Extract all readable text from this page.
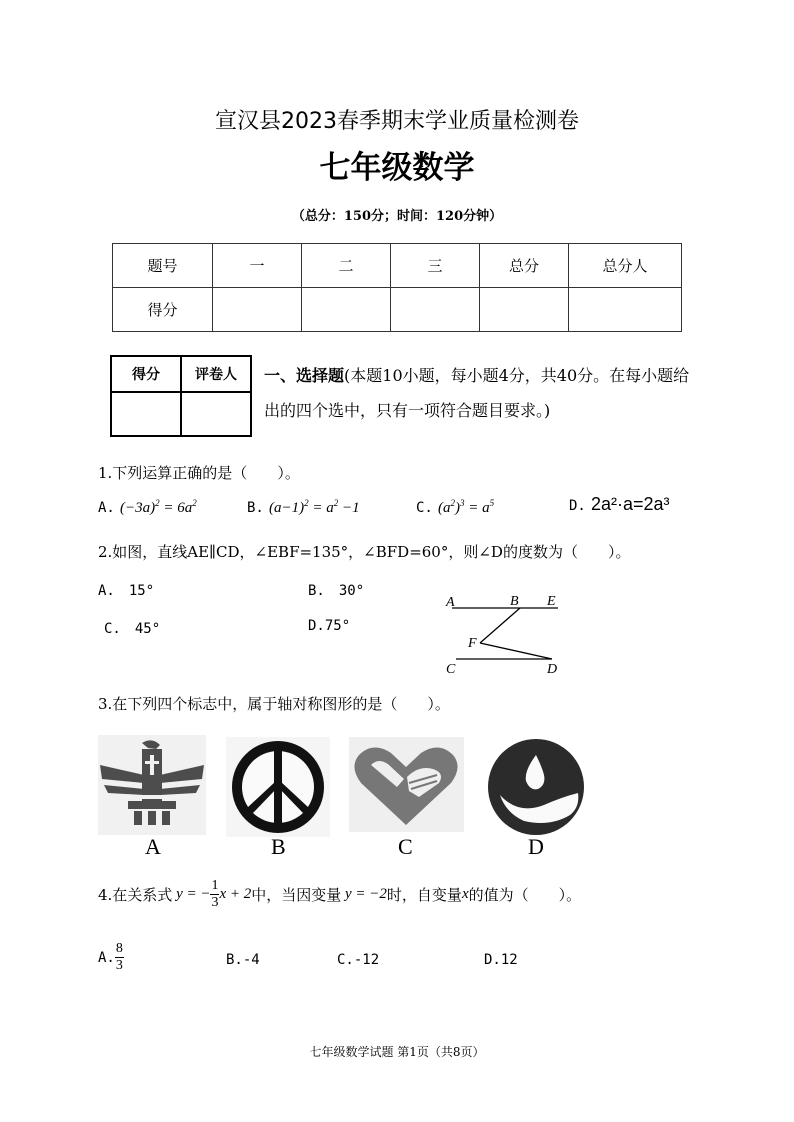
宣汉县2023春季期末学业质量检测卷
七年级数学
（总分：150分；时间：120分钟）
题号	一	二	三	总分	总分人
得分					
得分	评卷人
	一、选择题(本题10小题，每小题4分，共40分。在每小题给出的四个选中，只有一项符合题目要求。)
1.下列运算正确的是（　　）。
A. $(-3a)^2 = 6a^2$	B. $(a-1)^2 = a^2 -1$	C. $(a^2)^3 = a^5$	D. 2a²·a=2a³
2.如图，直线AE∥CD，∠EBF=135°，∠BFD=60°，则∠D的度数为（　　）。
A.　15°	B.　30°
C.　45°	D.75°
A	B E
F
C	D
3.在下列四个标志中，属于轴对称图形的是（　　）。
A	B	C	D
4.在关系式 y = − $\frac{1}{3}$ x + 2 中，当因变量 y = −2 时，自变量 x 的值为（　　）。
A. $\frac{8}{3}$	B.-4	C.-12	D.12
七年级数学试题 第1页（共8页）
